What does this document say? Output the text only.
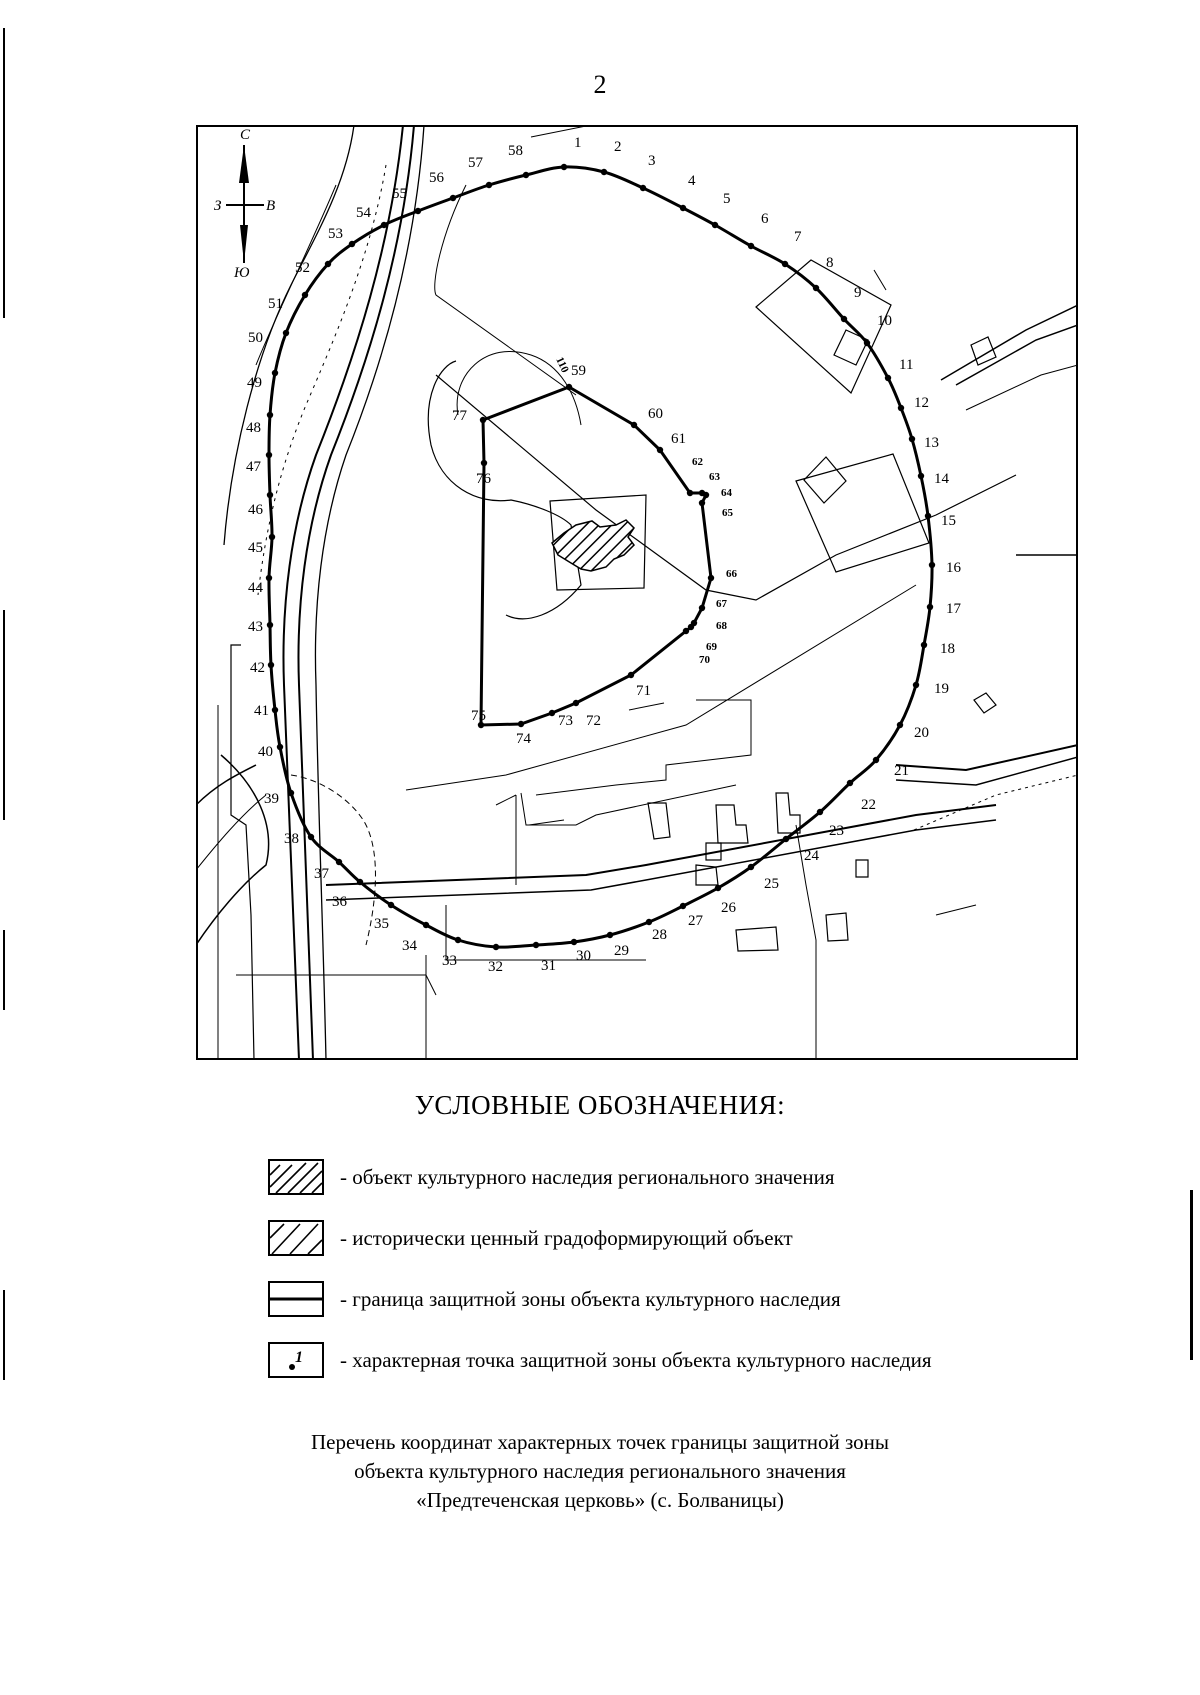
2
1 2
3
4
5
6
7
8
9
10
11
12
13
14
15
16
17
18
19
20
21
22
23
24
25
26
27
28
29
30
31
32
33
34
35
36
37
38
39
40
41
42
43
44
45
46
47
48
49
50
51
52
53
54
55
56
57
58
59
60
61
62
63
64
65
66
67
68
69
70
71
72
73
74
75
76
77
С
Ю
З	В
110
УСЛОВНЫЕ ОБОЗНАЧЕНИЯ:
- объект культурного наследия регионального значения
- исторически ценный градоформирующий объект
- граница защитной зоны объекта культурного наследия
1 - характерная точка защитной зоны объекта культурного наследия
Перечень координат характерных точек границы защитной зоны
объекта культурного наследия регионального значения
«Предтеченская церковь» (с. Болваницы)
